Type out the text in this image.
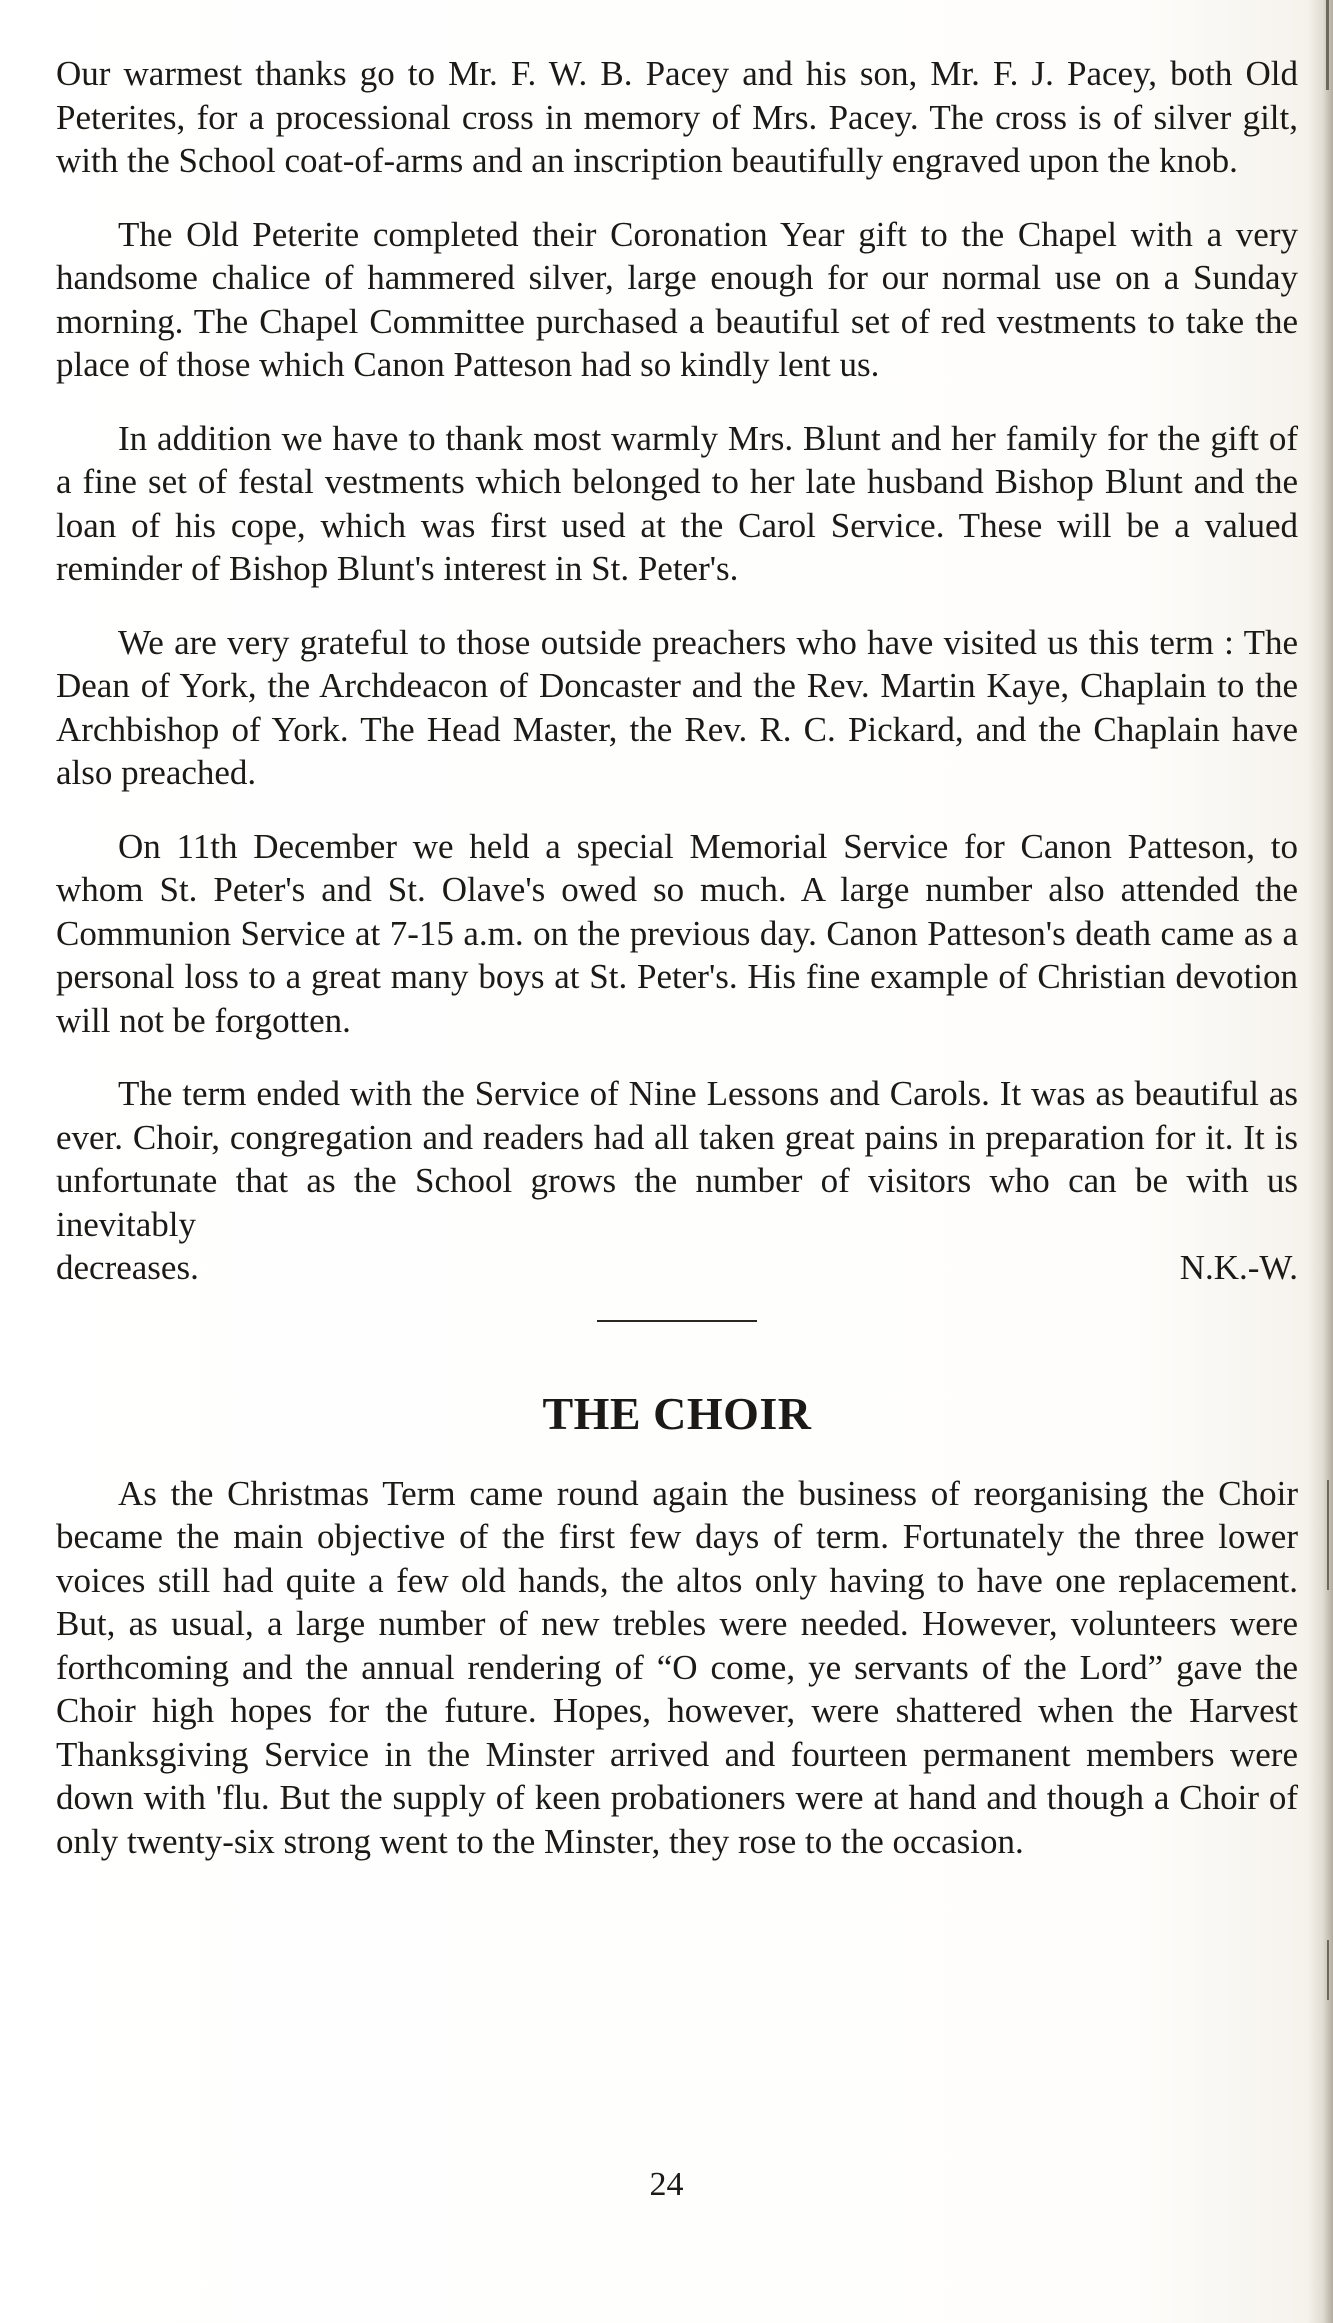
Our warmest thanks go to Mr. F. W. B. Pacey and his son, Mr. F. J. Pacey, both Old Peterites, for a processional cross in memory of Mrs. Pacey. The cross is of silver gilt, with the School coat-of-arms and an inscription beautifully engraved upon the knob.

The Old Peterite completed their Coronation Year gift to the Chapel with a very handsome chalice of hammered silver, large enough for our normal use on a Sunday morning. The Chapel Committee purchased a beautiful set of red vestments to take the place of those which Canon Patteson had so kindly lent us.

In addition we have to thank most warmly Mrs. Blunt and her family for the gift of a fine set of festal vestments which belonged to her late husband Bishop Blunt and the loan of his cope, which was first used at the Carol Service. These will be a valued reminder of Bishop Blunt's interest in St. Peter's.

We are very grateful to those outside preachers who have visited us this term : The Dean of York, the Archdeacon of Doncaster and the Rev. Martin Kaye, Chaplain to the Archbishop of York. The Head Master, the Rev. R. C. Pickard, and the Chaplain have also preached.

On 11th December we held a special Memorial Service for Canon Patteson, to whom St. Peter's and St. Olave's owed so much. A large number also attended the Communion Service at 7-15 a.m. on the previous day. Canon Patteson's death came as a personal loss to a great many boys at St. Peter's. His fine example of Christian devotion will not be forgotten.

The term ended with the Service of Nine Lessons and Carols. It was as beautiful as ever. Choir, congregation and readers had all taken great pains in preparation for it. It is unfortunate that as the School grows the number of visitors who can be with us inevitably

decreases.	N.K.-W.
THE CHOIR

As the Christmas Term came round again the business of reorganising the Choir became the main objective of the first few days of term. Fortunately the three lower voices still had quite a few old hands, the altos only having to have one replacement. But, as usual, a large number of new trebles were needed. However, volunteers were forthcoming and the annual rendering of “O come, ye servants of the Lord” gave the Choir high hopes for the future. Hopes, however, were shattered when the Harvest Thanksgiving Service in the Minster arrived and fourteen permanent members were down with 'flu. But the supply of keen probationers were at hand and though a Choir of only twenty-six strong went to the Minster, they rose to the occasion.

24
